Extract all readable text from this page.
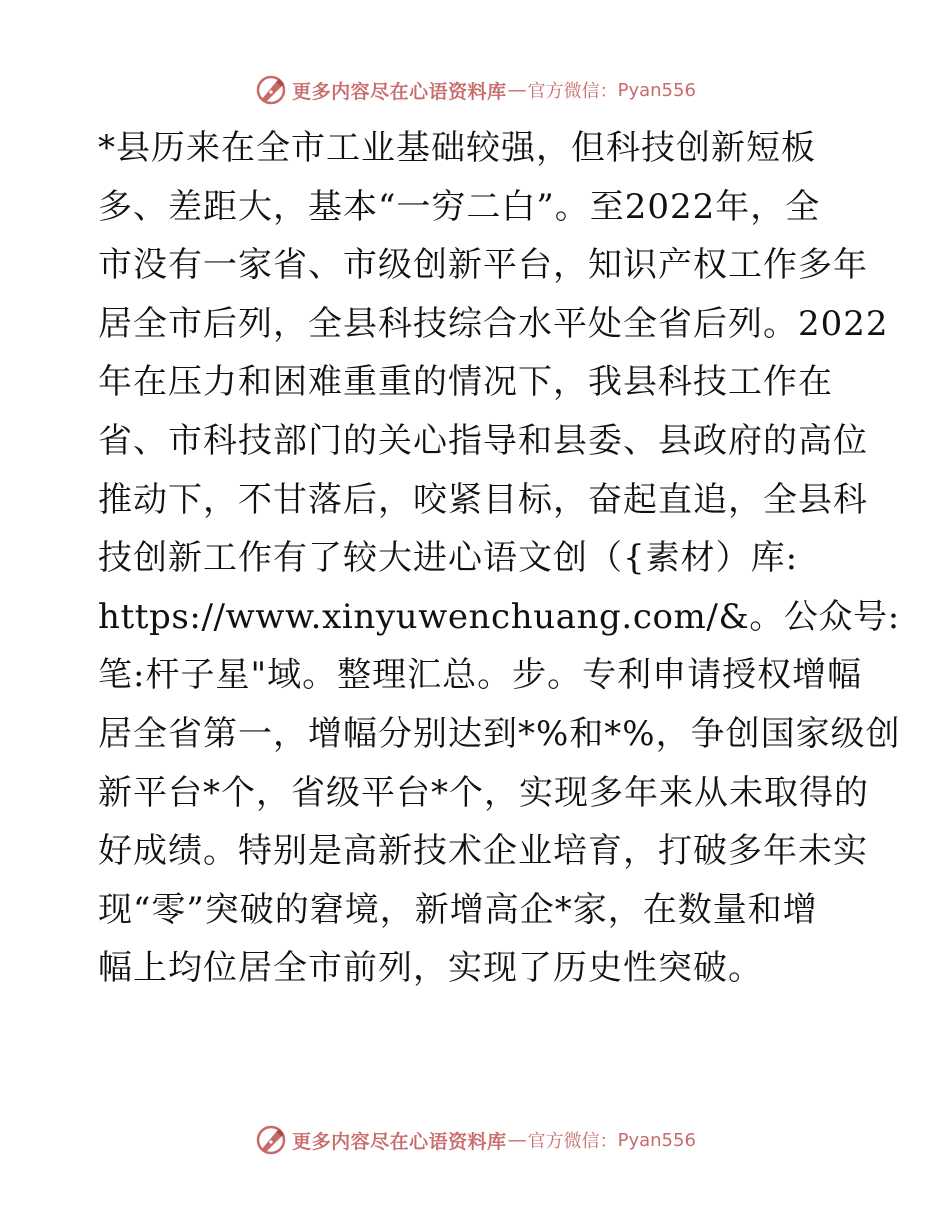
更多内容尽在心语资料库 — 官方微信： Pyan556
*县历来在全市工业基础较强，但科技创新短板
多、差距大，基本“一穷二白”。至2022年，全
市没有一家省、市级创新平台，知识产权工作多年
居全市后列，全县科技综合水平处全省后列。2022
年在压力和困难重重的情况下，我县科技工作在
省、市科技部门的关心指导和县委、县政府的高位
推动下，不甘落后，咬紧目标，奋起直追，全县科
技创新工作有了较大进心语文创（{素材）库:
https://www.xinyuwenchuang.com/&。公众号:
笔:杆子星"域。整理汇总。步。专利申请授权增幅
居全省第一，增幅分别达到*%和*%，争创国家级创
新平台*个，省级平台*个，实现多年来从未取得的
好成绩。特别是高新技术企业培育，打破多年未实
现“零”突破的窘境，新增高企*家，在数量和增
幅上均位居全市前列，实现了历史性突破。
更多内容尽在心语资料库 — 官方微信： Pyan556
